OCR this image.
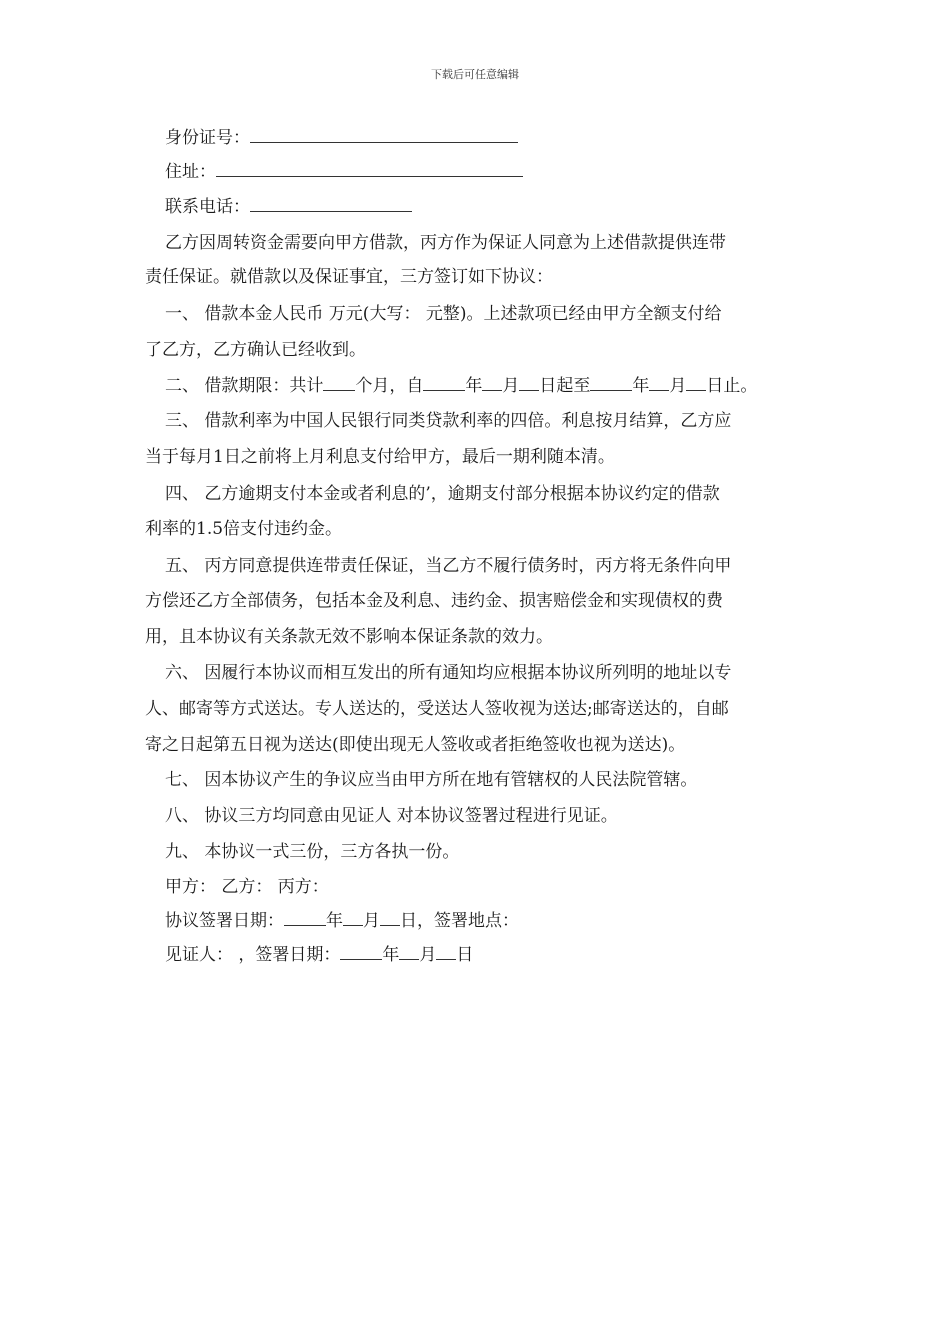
下载后可任意编辑
身份证号：
住址：
联系电话：
乙方因周转资金需要向甲方借款，丙方作为保证人同意为上述借款提供连带
责任保证。就借款以及保证事宜，三方签订如下协议：
一、 借款本金人民币 万元(大写： 元整)。上述款项已经由甲方全额支付给
了乙方，乙方确认已经收到。
二、 借款期限：共计 个月，自 年 月 日起至 年 月 日止。
三、 借款利率为中国人民银行同类贷款利率的四倍。利息按月结算，乙方应
当于每月1日之前将上月利息支付给甲方，最后一期利随本清。
四、 乙方逾期支付本金或者利息的’，逾期支付部分根据本协议约定的借款
利率的1.5倍支付违约金。
五、 丙方同意提供连带责任保证，当乙方不履行债务时，丙方将无条件向甲
方偿还乙方全部债务，包括本金及利息、违约金、损害赔偿金和实现债权的费
用，且本协议有关条款无效不影响本保证条款的效力。
六、 因履行本协议而相互发出的所有通知均应根据本协议所列明的地址以专
人、邮寄等方式送达。专人送达的，受送达人签收视为送达;邮寄送达的，自邮
寄之日起第五日视为送达(即使出现无人签收或者拒绝签收也视为送达)。
七、 因本协议产生的争议应当由甲方所在地有管辖权的人民法院管辖。
八、 协议三方均同意由见证人 对本协议签署过程进行见证。
九、 本协议一式三份，三方各执一份。
甲方： 乙方： 丙方：
协议签署日期： 年 月 日，签署地点：
见证人： ，签署日期： 年 月 日
